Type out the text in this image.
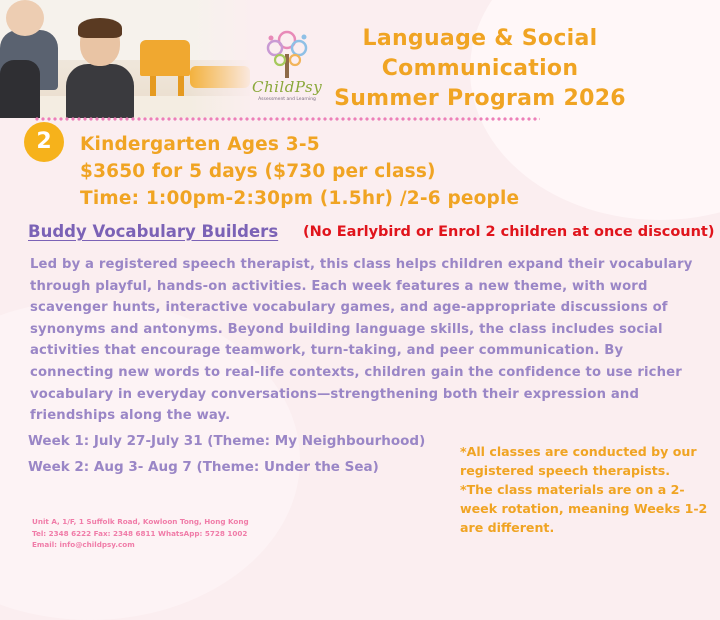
ChildPsy
Assessment and Learning
Language & Social
Communication
Summer Program 2026
2	Kindergarten Ages 3-5
$3650 for 5 days ($730 per class)
Time: 1:00pm-2:30pm (1.5hr) /2-6 people
Buddy Vocabulary Builders (No Earlybird or Enrol 2 children at once discount)
Led by a registered speech therapist, this class helps children expand their vocabulary through playful, hands-on activities. Each week features a new theme, with word scavenger hunts, interactive vocabulary games, and age-appropriate discussions of synonyms and antonyms. Beyond building language skills, the class includes social activities that encourage teamwork, turn-taking, and peer communication. By connecting new words to real-life contexts, children gain the confidence to use richer vocabulary in everyday conversations—strengthening both their expression and friendships along the way.
Week 1: July 27-July 31 (Theme: My Neighbourhood)
Week 2: Aug 3- Aug 7 (Theme: Under the Sea)
*All classes are conducted by our registered speech therapists.
*The class materials are on a 2-week rotation, meaning Weeks 1-2 are different.
Unit A, 1/F, 1 Suffolk Road, Kowloon Tong, Hong Kong
Tel: 2348 6222 Fax: 2348 6811 WhatsApp: 5728 1002
Email: info@childpsy.com
